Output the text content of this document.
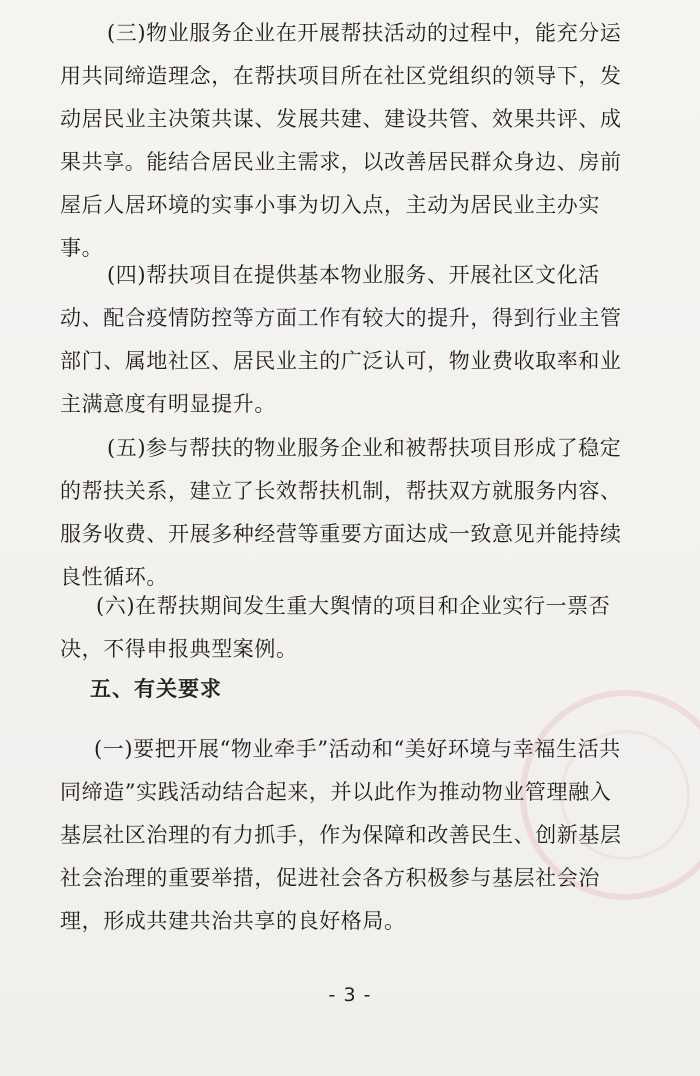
(三)物业服务企业在开展帮扶活动的过程中，能充分运用共同缔造理念，在帮扶项目所在社区党组织的领导下，发动居民业主决策共谋、发展共建、建设共管、效果共评、成果共享。能结合居民业主需求，以改善居民群众身边、房前屋后人居环境的实事小事为切入点，主动为居民业主办实事。

(四)帮扶项目在提供基本物业服务、开展社区文化活动、配合疫情防控等方面工作有较大的提升，得到行业主管部门、属地社区、居民业主的广泛认可，物业费收取率和业主满意度有明显提升。

(五)参与帮扶的物业服务企业和被帮扶项目形成了稳定的帮扶关系，建立了长效帮扶机制，帮扶双方就服务内容、服务收费、开展多种经营等重要方面达成一致意见并能持续良性循环。

(六)在帮扶期间发生重大舆情的项目和企业实行一票否决，不得申报典型案例。

五、有关要求

(一)要把开展“物业牵手”活动和“美好环境与幸福生活共同缔造”实践活动结合起来，并以此作为推动物业管理融入基层社区治理的有力抓手，作为保障和改善民生、创新基层社会治理的重要举措，促进社会各方积极参与基层社会治理，形成共建共治共享的良好格局。

- 3 -
